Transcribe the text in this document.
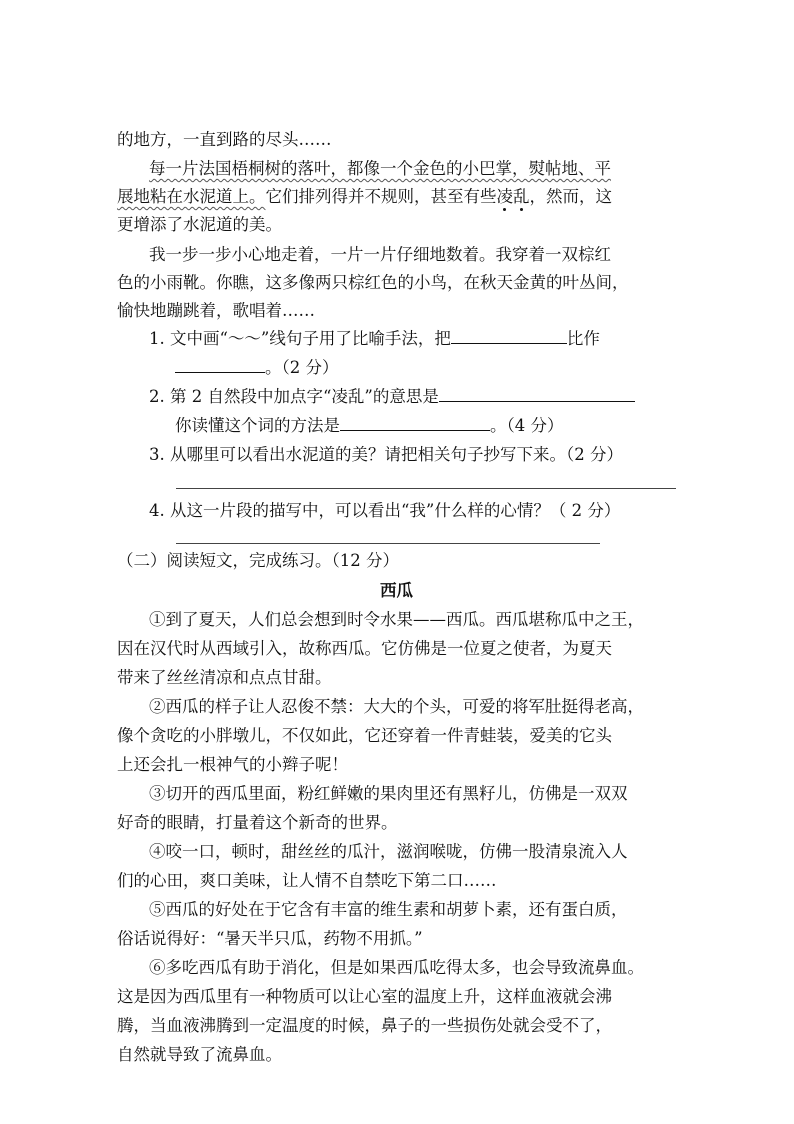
的地方，一直到路的尽头……
每一片法国梧桐树的落叶，都像一个金色的小巴掌，熨帖地、平
展地粘在水泥道上。它们排列得并不规则，甚至有些凌乱，然而，这
更增添了水泥道的美。
我一步一步小心地走着，一片一片仔细地数着。我穿着一双棕红
色的小雨靴。你瞧，这多像两只棕红色的小鸟，在秋天金黄的叶丛间，
愉快地蹦跳着，歌唱着……
1. 文中画“～～”线句子用了比喻手法，把	比作
。（2 分）
2. 第 2 自然段中加点字“凌乱”的意思是
你读懂这个词的方法是	。（4 分）
3. 从哪里可以看出水泥道的美？请把相关句子抄写下来。（2 分）
4. 从这一片段的描写中，可以看出“我”什么样的心情？（ 2 分）
（二）阅读短文，完成练习。（12 分）
西瓜
①到了夏天，人们总会想到时令水果——西瓜。西瓜堪称瓜中之王，
因在汉代时从西域引入，故称西瓜。它仿佛是一位夏之使者，为夏天
带来了丝丝清凉和点点甘甜。
②西瓜的样子让人忍俊不禁：大大的个头，可爱的将军肚挺得老高，
像个贪吃的小胖墩儿，不仅如此，它还穿着一件青蛙装，爱美的它头
上还会扎一根神气的小辫子呢！
③切开的西瓜里面，粉红鲜嫩的果肉里还有黑籽儿，仿佛是一双双
好奇的眼睛，打量着这个新奇的世界。
④咬一口，顿时，甜丝丝的瓜汁，滋润喉咙，仿佛一股清泉流入人
们的心田，爽口美味，让人情不自禁吃下第二口……
⑤西瓜的好处在于它含有丰富的维生素和胡萝卜素，还有蛋白质，
俗话说得好：“暑天半只瓜，药物不用抓。”
⑥多吃西瓜有助于消化，但是如果西瓜吃得太多，也会导致流鼻血。
这是因为西瓜里有一种物质可以让心室的温度上升，这样血液就会沸
腾，当血液沸腾到一定温度的时候，鼻子的一些损伤处就会受不了，
自然就导致了流鼻血。
